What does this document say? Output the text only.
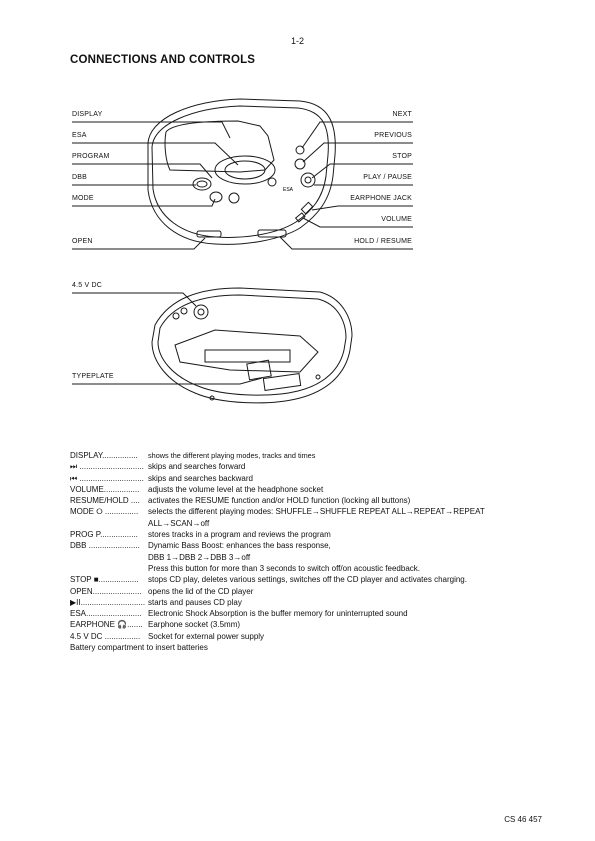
1-2
CONNECTIONS AND CONTROLS
ESA
DISPLAY
ESA
PROGRAM
DBB
MODE
OPEN
NEXT
PREVIOUS
STOP
PLAY / PAUSE
EARPHONE JACK
VOLUME
HOLD / RESUME
4.5 V DC
TYPEPLATE
DISPLAY................	shows the different playing modes, tracks and times
⏭ ............................. skips and searches forward
⏮ ............................. skips and searches backward
VOLUME................	adjusts the volume level at the headphone socket
RESUME/HOLD ....	activates the RESUME function and/or HOLD function (locking all buttons)
MODE ⭘ ...............	selects the different playing modes: SHUFFLE→SHUFFLE REPEAT ALL→REPEAT→REPEAT
ALL→SCAN→off
PROG P.................	stores tracks in a program and reviews the program
DBB .......................	Dynamic Bass Boost: enhances the bass response,
DBB 1→DBB 2→DBB 3→off
Press this button for more than 3 seconds to switch off/on acoustic feedback.
STOP ■..................	stops CD play, deletes various settings, switches off the CD player and activates charging.
OPEN...................... opens the lid of the CD player
▶II............................. starts and pauses CD play
ESA......................... Electronic Shock Absorption is the buffer memory for uninterrupted sound
EARPHONE 🎧....... Earphone socket (3.5mm)
4.5 V DC ................ Socket for external power supply
Battery compartment to insert batteries
CS 46 457
